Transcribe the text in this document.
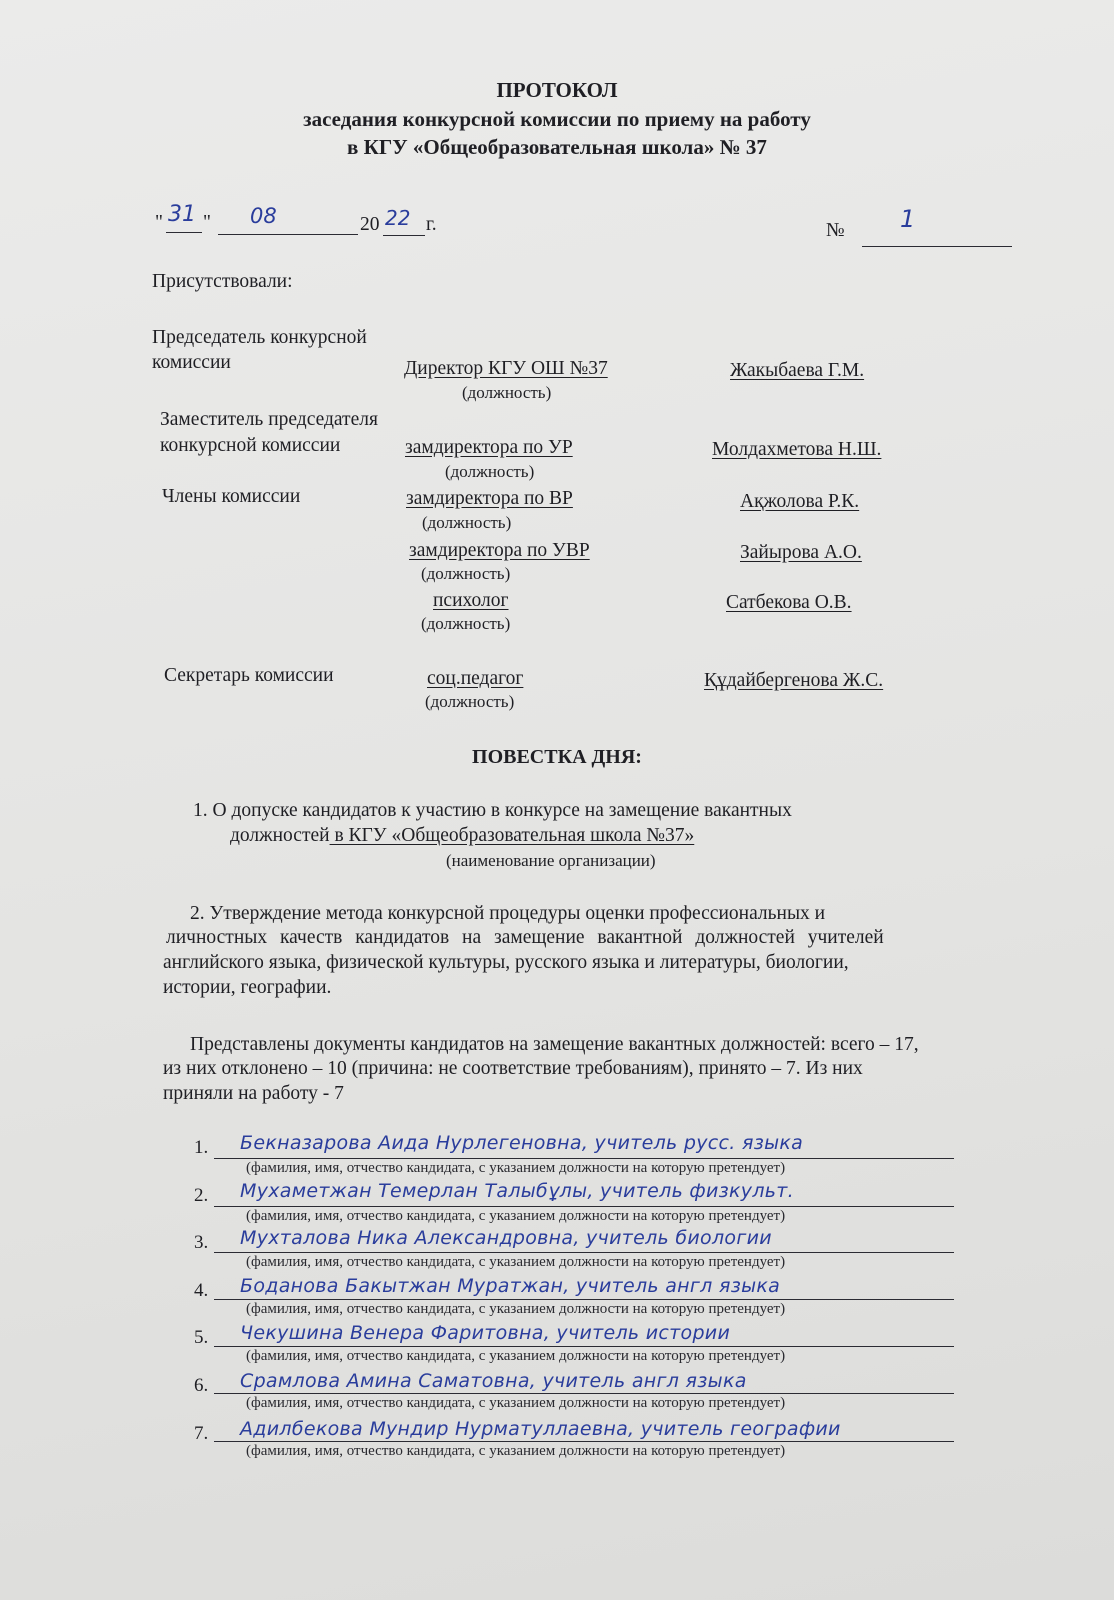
ПРОТОКОЛ
заседания конкурсной комиссии по приему на работу
в КГУ «Общеобразовательная школа» № 37
" 31 " 08	20 22 г.	№ 1
Присутствовали:
Председатель конкурсной
комиссии	Директор КГУ ОШ №37	Жакыбаева Г.М.
(должность)
Заместитель председателя
конкурсной комиссии	замдиректора по УР	Молдахметова Н.Ш.
(должность)
Члены комиссии	замдиректора по ВР	Ақжолова Р.К.
(должность)
замдиректора по УВР	Зайырова А.О.
(должность)
психолог	Сатбекова О.В.
(должность)
Секретарь комиссии	соц.педагог	Құдайбергенова Ж.С.
(должность)
ПОВЕСТКА ДНЯ:
1. О допуске кандидатов к участию в конкурсе на замещение вакантных
должностей в КГУ «Общеобразовательная школа №37»
(наименование организации)
2. Утверждение метода конкурсной процедуры оценки профессиональных и
личностных качеств кандидатов на замещение вакантной должностей учителей
английского языка, физической культуры, русского языка и литературы, биологии,
истории, географии.
Представлены документы кандидатов на замещение вакантных должностей: всего – 17,
из них отклонено – 10 (причина: не соответствие требованиям), принято – 7. Из них
приняли на работу - 7
1. Бекназарова Аида Нурлегеновна, учитель русс. языка
(фамилия, имя, отчество кандидата, с указанием должности на которую претендует)
2. Мухаметжан Темерлан Талыбұлы, учитель физкульт.
(фамилия, имя, отчество кандидата, с указанием должности на которую претендует)
3. Мухталова Ника Александровна, учитель биологии
(фамилия, имя, отчество кандидата, с указанием должности на которую претендует)
4. Боданова Бакытжан Муратжан, учитель англ языка
(фамилия, имя, отчество кандидата, с указанием должности на которую претендует)
5. Чекушина Венера Фаритовна, учитель истории
(фамилия, имя, отчество кандидата, с указанием должности на которую претендует)
6. Срамлова Амина Саматовна, учитель англ языка
(фамилия, имя, отчество кандидата, с указанием должности на которую претендует)
7. Адилбекова Мундир Нурматуллаевна, учитель географии
(фамилия, имя, отчество кандидата, с указанием должности на которую претендует)
